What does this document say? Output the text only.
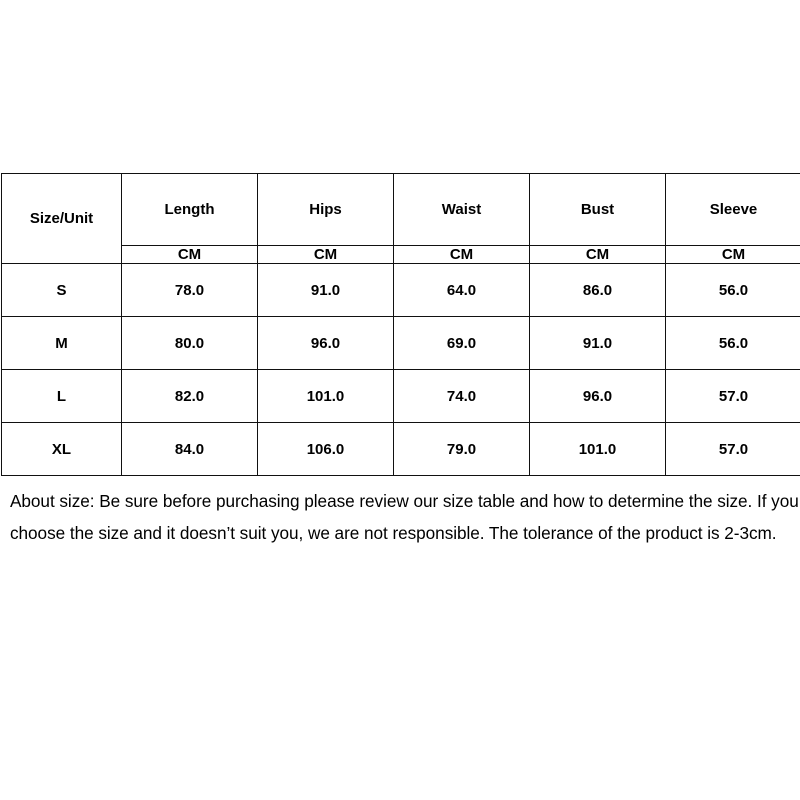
Size/Unit	Length	Hips	Waist	Bust	Sleeve
	CM	CM	CM	CM	CM
S	78.0	91.0	64.0	86.0	56.0
M	80.0	96.0	69.0	91.0	56.0
L	82.0	101.0	74.0	96.0	57.0
XL	84.0	106.0	79.0	101.0	57.0

About size: Be sure before purchasing please review our size table and how to determine the size. If you choose the size and it doesn’t suit you, we are not responsible. The tolerance of the product is 2-3cm.
